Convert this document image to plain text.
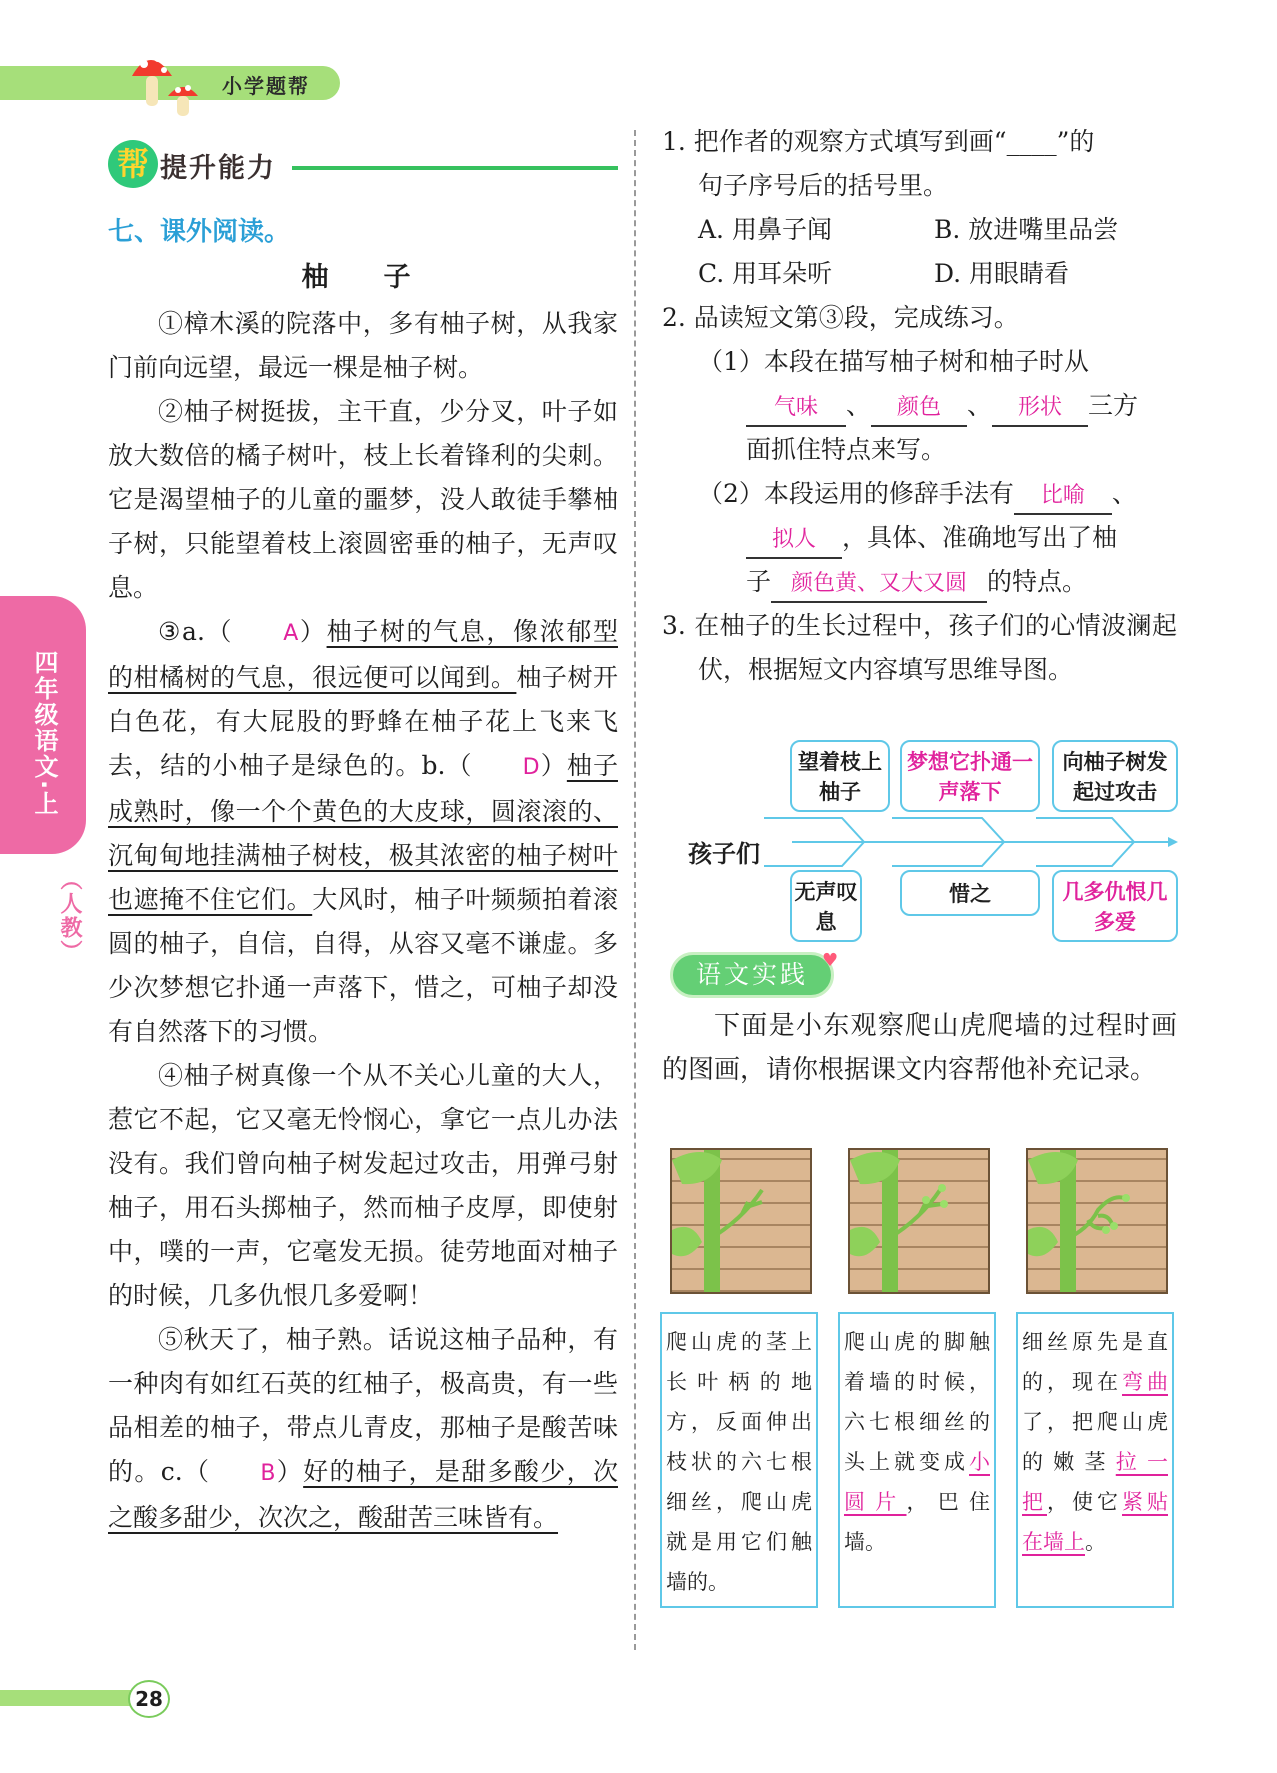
小学题帮
帮 提升能力
七、课外阅读。
柚　子

①樟木溪的院落中，多有柚子树，从我家门前向远望，最远一棵是柚子树。

②柚子树挺拔，主干直，少分叉，叶子如放大数倍的橘子树叶，枝上长着锋利的尖刺。它是渴望柚子的儿童的噩梦，没人敢徒手攀柚子树，只能望着枝上滚圆密垂的柚子，无声叹息。

③a.（ A）柚子树的气息，像浓郁型的柑橘树的气息，很远便可以闻到。柚子树开白色花，有大屁股的野蜂在柚子花上飞来飞去，结的小柚子是绿色的。b.（ D）柚子成熟时，像一个个黄色的大皮球，圆滚滚的、沉甸甸地挂满柚子树枝，极其浓密的柚子树叶也遮掩不住它们。大风时，柚子叶频频拍着滚圆的柚子，自信，自得，从容又毫不谦虚。多少次梦想它扑通一声落下，惜之，可柚子却没有自然落下的习惯。

④柚子树真像一个从不关心儿童的大人，惹它不起，它又毫无怜悯心，拿它一点儿办法没有。我们曾向柚子树发起过攻击，用弹弓射柚子，用石头掷柚子，然而柚子皮厚，即使射中，噗的一声，它毫发无损。徒劳地面对柚子的时候，几多仇恨几多爱啊！

⑤秋天了，柚子熟。话说这柚子品种，有一种肉有如红石英的红柚子，极高贵，有一些品相差的柚子，带点儿青皮，那柚子是酸苦味的。c.（ B）好的柚子，是甜多酸少，次之酸多甜少，次次之，酸甜苦三味皆有。

四年级语文·上
（人教）
1. 把作者的观察方式填写到画“____”的
句子序号后的括号里。
A. 用鼻子闻	B. 放进嘴里品尝
C. 用耳朵听	D. 用眼睛看
2. 品读短文第③段，完成练习。
（1）本段在描写柚子树和柚子时从
气味 、 颜色 、 形状 三方
面抓住特点来写。
（2）本段运用的修辞手法有 比喻 、
拟人 ，具体、准确地写出了柚
子 颜色黄、又大又圆 的特点。
3. 在柚子的生长过程中，孩子们的心情波澜起伏，根据短文内容填写思维导图。
孩子们
望着枝上柚子
梦想它扑通一声落下
向柚子树发起过攻击
无声叹息
惜之	几多仇恨几多爱
语文实践 ♥
下面是小东观察爬山虎爬墙的过程时画的图画，请你根据课文内容帮他补充记录。
爬山虎的茎上长叶柄的地方，反面伸出枝状的六七根细丝，爬山虎就是用它们触墙的。
爬山虎的脚触着墙的时候，六七根细丝的头上就变成小圆片，巴住墙。
细丝原先是直的，现在弯曲了，把爬山虎的嫩茎拉一把，使它紧贴在墙上。
28
